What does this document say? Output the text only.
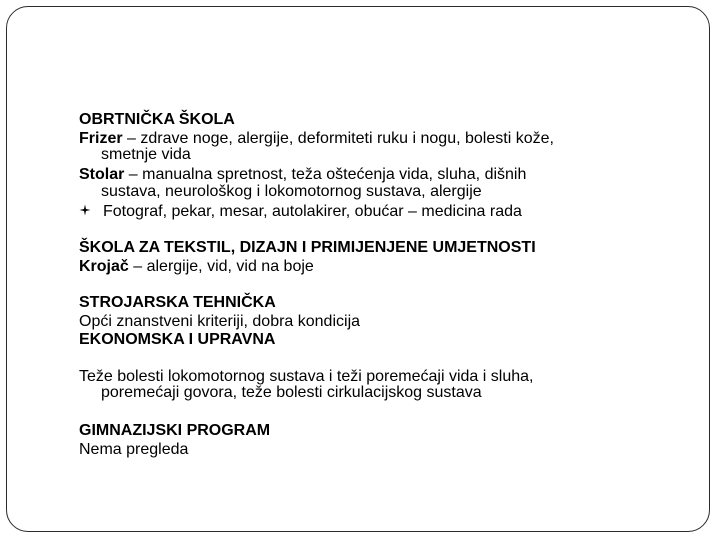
OBRTNIČKA ŠKOLA
Frizer – zdrave noge, alergije, deformiteti ruku i nogu, bolesti kože,
smetnje vida
Stolar – manualna spretnost, teža oštećenja vida, sluha, dišnih
sustava, neurološkog i lokomotornog sustava, alergije
Fotograf, pekar, mesar, autolakirer, obućar – medicina rada
ŠKOLA ZA TEKSTIL, DIZAJN I PRIMIJENJENE UMJETNOSTI
Krojač – alergije, vid, vid na boje
STROJARSKA TEHNIČKA
Opći znanstveni kriteriji, dobra kondicija
EKONOMSKA I UPRAVNA
Teže bolesti lokomotornog sustava i teži poremećaji vida i sluha,
poremećaji govora, teže bolesti cirkulacijskog sustava
GIMNAZIJSKI PROGRAM
Nema pregleda
